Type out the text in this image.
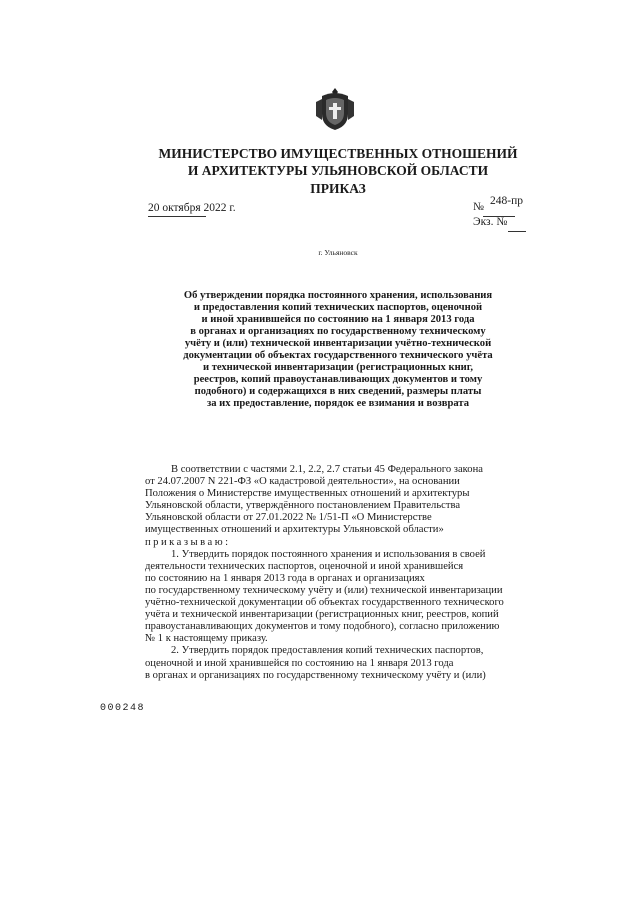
МИНИСТЕРСТВО ИМУЩЕСТВЕННЫХ ОТНОШЕНИЙ
И АРХИТЕКТУРЫ УЛЬЯНОВСКОЙ ОБЛАСТИ
ПРИКАЗ
20 октября 2022 г.	№ 248-пр
Экз. №
г. Ульяновск
Об утверждении порядка постоянного хранения, использования
и предоставления копий технических паспортов, оценочной
и иной хранившейся по состоянию на 1 января 2013 года
в органах и организациях по государственному техническому
учёту и (или) технической инвентаризации учётно-технической
документации об объектах государственного технического учёта
и технической инвентаризации (регистрационных книг,
реестров, копий правоустанавливающих документов и тому
подобного) и содержащихся в них сведений, размеры платы
за их предоставление, порядок ее взимания и возврата
В соответствии с частями 2.1, 2.2, 2.7 статьи 45 Федерального закона
от 24.07.2007 N 221-ФЗ «О кадастровой деятельности», на основании
Положения о Министерстве имущественных отношений и архитектуры
Ульяновской области, утверждённого постановлением Правительства
Ульяновской области от 27.01.2022 № 1/51-П «О Министерстве
имущественных отношений и архитектуры Ульяновской области»
приказываю:
1. Утвердить порядок постоянного хранения и использования в своей
деятельности технических паспортов, оценочной и иной хранившейся
по состоянию на 1 января 2013 года в органах и организациях
по государственному техническому учёту и (или) технической инвентаризации
учётно-технической документации об объектах государственного технического
учёта и технической инвентаризации (регистрационных книг, реестров, копий
правоустанавливающих документов и тому подобного), согласно приложению
№ 1 к настоящему приказу.
2. Утвердить порядок предоставления копий технических паспортов,
оценочной и иной хранившейся по состоянию на 1 января 2013 года
в органах и организациях по государственному техническому учёту и (или)
000248
